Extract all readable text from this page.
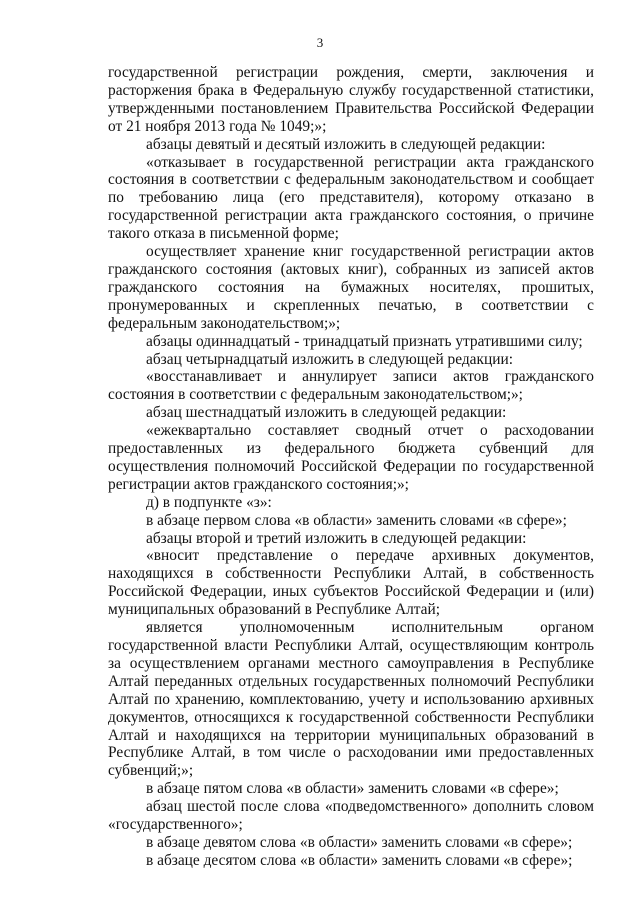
3

государственной регистрации рождения, смерти, заключения и расторжения брака в Федеральную службу государственной статистики, утвержденными постановлением Правительства Российской Федерации от 21 ноября 2013 года № 1049;»;

абзацы девятый и десятый изложить в следующей редакции:

«отказывает в государственной регистрации акта гражданского состояния в соответствии с федеральным законодательством и сообщает по требованию лица (его представителя), которому отказано в государственной регистрации акта гражданского состояния, о причине такого отказа в письменной форме;

осуществляет хранение книг государственной регистрации актов гражданского состояния (актовых книг), собранных из записей актов гражданского состояния на бумажных носителях, прошитых, пронумерованных и скрепленных печатью, в соответствии с федеральным законодательством;»;

абзацы одиннадцатый - тринадцатый признать утратившими силу;

абзац четырнадцатый изложить в следующей редакции:

«восстанавливает и аннулирует записи актов гражданского состояния в соответствии с федеральным законодательством;»;

абзац шестнадцатый изложить в следующей редакции:

«ежеквартально составляет сводный отчет о расходовании предоставленных из федерального бюджета субвенций для осуществления полномочий Российской Федерации по государственной регистрации актов гражданского состояния;»;

д) в подпункте «з»:

в абзаце первом слова «в области» заменить словами «в сфере»;

абзацы второй и третий изложить в следующей редакции:

«вносит представление о передаче архивных документов, находящихся в собственности Республики Алтай, в собственность Российской Федерации, иных субъектов Российской Федерации и (или) муниципальных образований в Республике Алтай;

является уполномоченным исполнительным органом государственной власти Республики Алтай, осуществляющим контроль за осуществлением органами местного самоуправления в Республике Алтай переданных отдельных государственных полномочий Республики Алтай по хранению, комплектованию, учету и использованию архивных документов, относящихся к государственной собственности Республики Алтай и находящихся на территории муниципальных образований в Республике Алтай, в том числе о расходовании ими предоставленных субвенций;»;

в абзаце пятом слова «в области» заменить словами «в сфере»;

абзац шестой после слова «подведомственного» дополнить словом «государственного»;

в абзаце девятом слова «в области» заменить словами «в сфере»;

в абзаце десятом слова «в области» заменить словами «в сфере»;
